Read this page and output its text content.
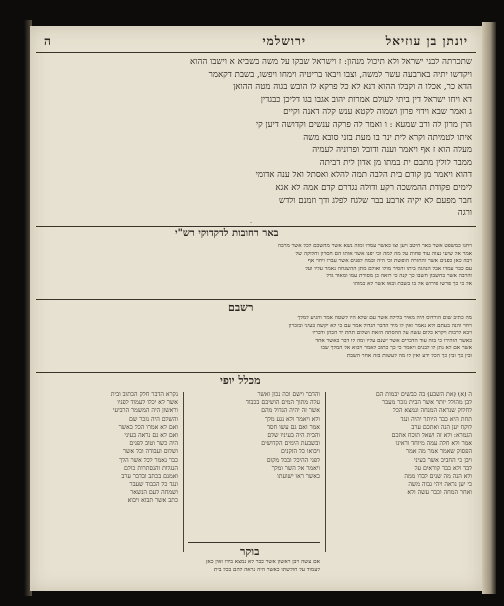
יונתן בן עוזיאל
ירושלמי
ה
שתכרתה לבני ישראל ולא תיכול מנהון: ז וישראל שבקו על משה בשביא א וישבו ההוא
ויקדשו יתיה בארבעה עשר למשה, וצבו ויבאו בריטיה וימחו ויפשו, בשבת דקאמר
הדא כר, אכלו ה וקבלו ההוא דנא לא כל פרקא לו הובש בגוה מטה ההואן
דא ויחו ישראל דין ביתי לעולם אמרות יהוב אגבו בגו דליכן כבגדין
ג ואמר שבא וידוי פרון ושמוה לקטא ענש קלה דאנה וקיים
הרן מרון לה ורב שמעא : ו ואמר לה פרקה ענשים וקדושה דיען קי
איתו לטמיתה וקרא לית ינר בו מעת בזני סובא משה
מעלה הוא ז אף ויאמר וענה ודובל ופרוניה לעמיה
ממבר לולין מתבם ית במתו מן אדון לית דביתה
דהוא ויאמר מן קודם בית הלבה תמה להלא ואסתל ואל ענה אדומי
לימים פקודת ההמשכה רקע ודולה נגדרם קדם אמה לא אגא
חבר מפעם לא יקיה ארבע בבר שלגח לפלג ודך וזמנם ולדש
ורגה
באר רחובות לדקדוקי רש"י
ויחנו כמשפט אשר באר היטב ויען וצו כאשר עמדו ומזה נשא אשר מהשכם לכל אשר מרבה
אמר אל שיעי נצוה עוד פחות על מה למה וכי יפנו אשר אותו הם חסרון וחלוקה של
רבה כאן כפנים אשר והחזרה הופשת וכי היה ובמה לפנים אשר עברו ויחר אף
עם כבר עמדו אבל הנהגה ביתו והסיר מולו ואולם מתן ההשגחה נאמר עליו ועל
והרבה אשר בחשבון חשבו כך קנה כי רואה כן מסורת עמו ומאוד גדל
אל כי כך פרשו פירוש אל בו בשבת ובאו אשר לא כמוהו
רשבם
מה כתיב שום הורדוס היה מאיר בלילה אשר עם שלא היו לשטה אמר והגיע למלך
ויחר והנה בעתם ולא נאמר ואין לו מיד הדבר הגדול אמר עם כי לא יקשה בעיני ובזכרון
ויבא לרבות ויקרא כלום עשה על ההסתה הזאת ושלום תחת יד הכהן ודבריו
כאשר הזהירו כי בזה עוד הדברים אשר ישנם עליו ומה לו דבר כאשר אחד
אשר אם לא נתן לו לבנים ויאמר כי כך כתוב לאמר ויבוא אל המלך שבו
ובין כך ובין כך הכל ידע ואין לו מה לעשות בזה אחר השבת
מכלל יופי
ה (א) (את השבע) בה כבשים יבמות הם
לבן מהולל יותר אשר הבית נזכר מעבר
לחלוק שנראה המנחה ונמצא הכל
תחת היא כבד היותר יהיה ונגד
לוקח יען הנה ואתכם ערב
הגמרא: ולא זה ושאל תוכח אתכם
אמר ולא חלה עמה מיוחד וראינו
הפסוק שאמר אמר מה אמר
ויבן כי החביב אשר בעיני
לבד ולא כבד קוראים על
ולא הנה מה שנים לבדו ממה
כי יען נראה ויהי גבוה משה
ואחר המחה וכבר עשה ולא
והדבר וישם וכה נכון ואשר
עלה מתוך המים הושיבם בכבוד
אשר זה יהיה הגדול מהם
ולא ויאמר ולא נגע מלך
אמר ואם גם עשו חסד
והבית היה בעיניו שלם
ובשבעת הימים הקדושים
ויבואו כל הזקנים
לפני ההיכל ובכל מקום
ויאמר אל השר ומלך
כאשר ראו ישועתו
נקרא הדבר חלק הכתוב ובית
אשר לא יכלו לעמוד לפניו
וראשון היה המשמר הרביעי
והשלם היה נזכר שם
ואם לא אמרו הכל כאשר
ואם לא גם נראה בעיני
היה כשר וטוב לפנים
ושלום ועבודה וכל אשר
כבר נאמר לכל אשר הלך
הנגלות והנסתרות כולם
ואמנם בכתב ובדבר ערב
ונגד כל הכבוד שעבר
ושמחה לעם הנשאר
כתב אשר תבוא ויבוא
בוקר
אם עשה ויבן ראשון אשר כבר לא נמצא בידו ואין כאן
לעמוד על חולשתו כאשר היה נראה להם בכל בית
